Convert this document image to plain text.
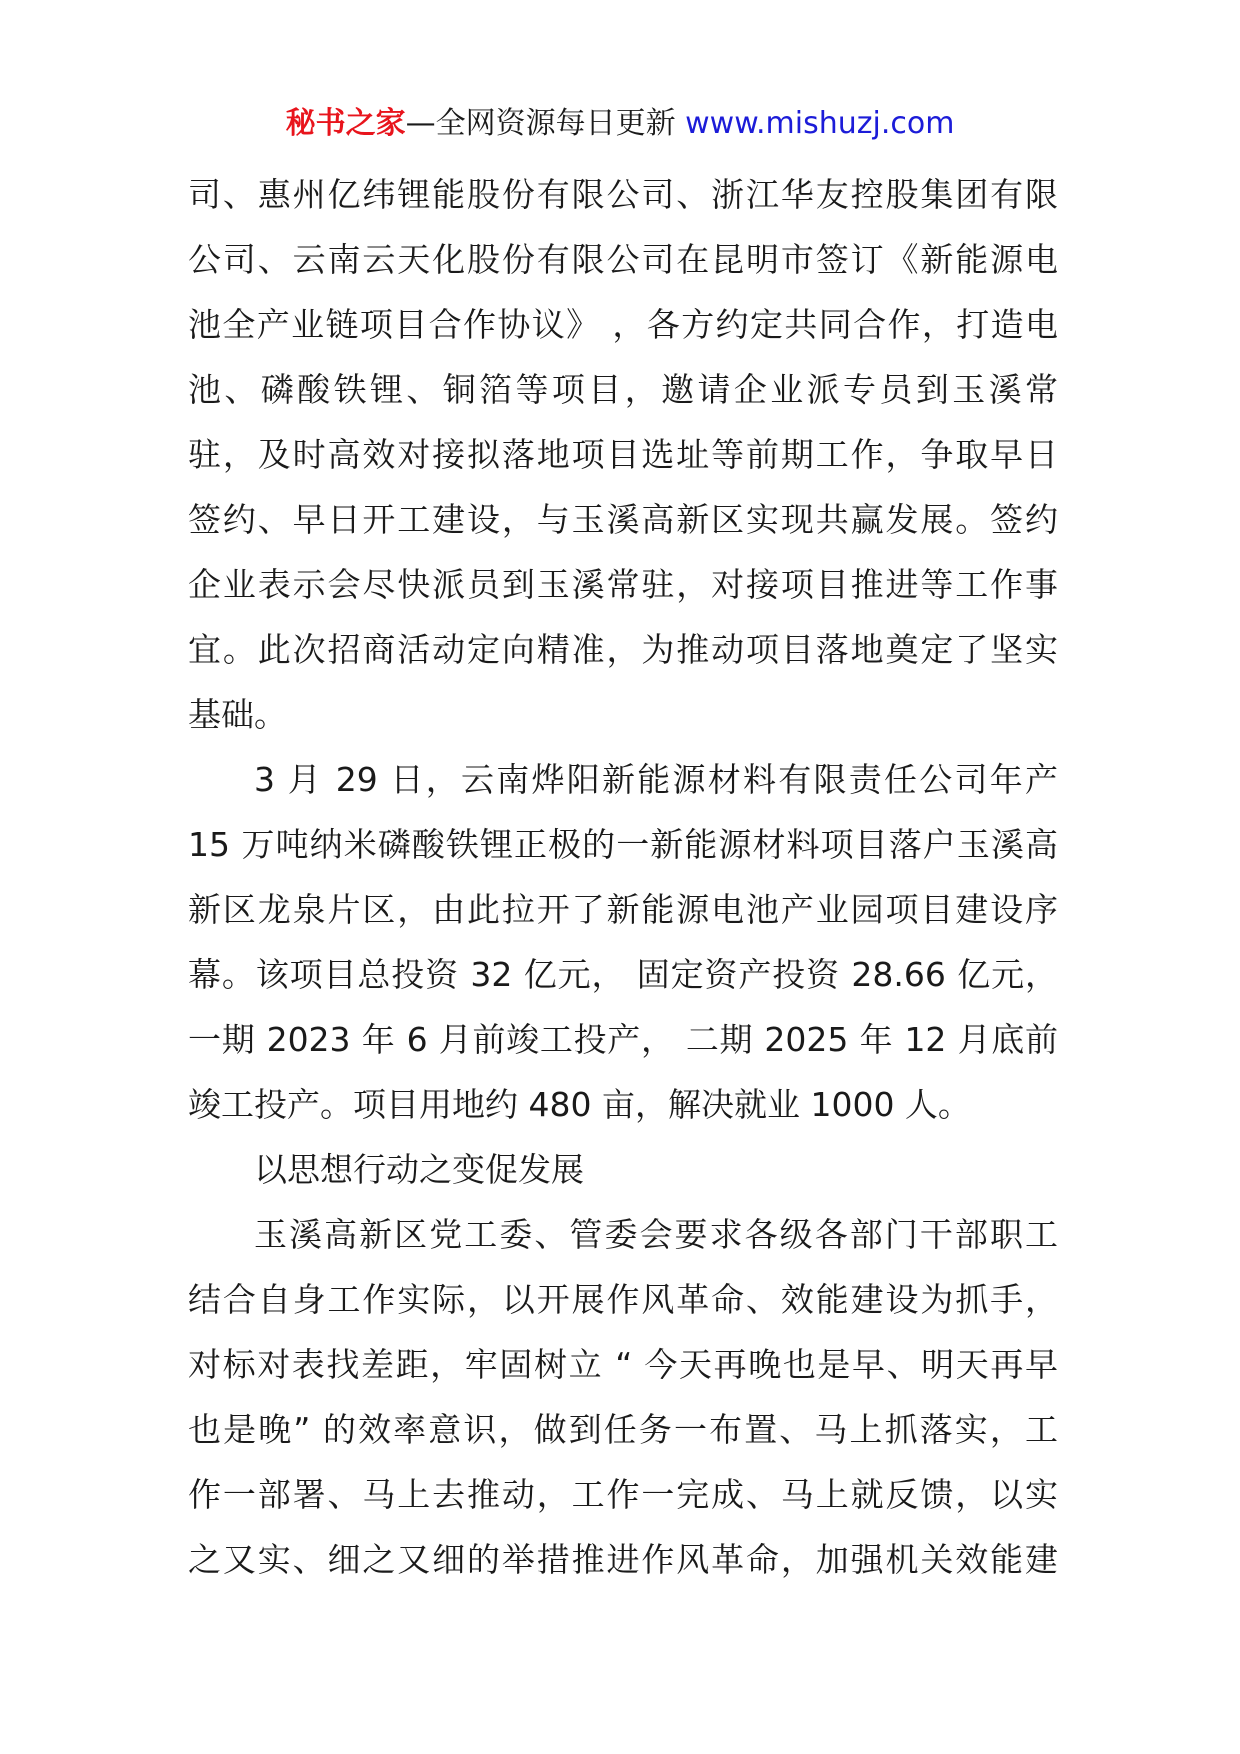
秘书之家—全网资源每日更新 www.mishuzj.com
司、惠州亿纬锂能股份有限公司、浙江华友控股集团有限
公司、云南云天化股份有限公司在昆明市签订《新能源电
池全产业链项目合作协议》 ，各方约定共同合作，打造电
池、磷酸铁锂、铜箔等项目，邀请企业派专员到玉溪常
驻，及时高效对接拟落地项目选址等前期工作，争取早日
签约、早日开工建设，与玉溪高新区实现共赢发展。签约
企业表示会尽快派员到玉溪常驻，对接项目推进等工作事
宜。此次招商活动定向精准，为推动项目落地奠定了坚实
基础。
3 月 29 日，云南烨阳新能源材料有限责任公司年产
15 万吨纳米磷酸铁锂正极的一新能源材料项目落户玉溪高
新区龙泉片区，由此拉开了新能源电池产业园项目建设序
幕。该项目总投资 32 亿元， 固定资产投资 28.66 亿元，
一期 2023 年 6 月前竣工投产， 二期 2025 年 12 月底前
竣工投产。项目用地约 480 亩，解决就业 1000 人。
以思想行动之变促发展
玉溪高新区党工委、管委会要求各级各部门干部职工
结合自身工作实际，以开展作风革命、效能建设为抓手，
对标对表找差距，牢固树立 “ 今天再晚也是早、明天再早
也是晚” 的效率意识，做到任务一布置、马上抓落实，工
作一部署、马上去推动，工作一完成、马上就反馈，以实
之又实、细之又细的举措推进作风革命，加强机关效能建
